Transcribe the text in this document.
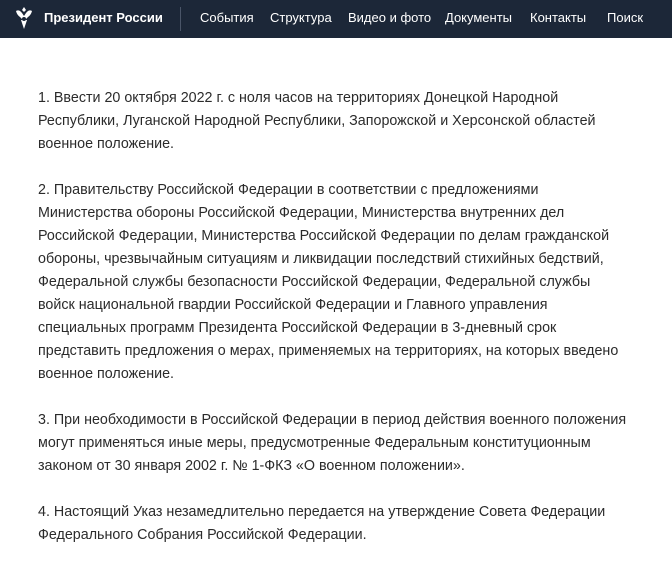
Президент России	События Структура Видео и фото Документы Контакты Поиск

1. Ввести 20 октября 2022 г. с ноля часов на территориях Донецкой Народной
Республики, Луганской Народной Республики, Запорожской и Херсонской областей
военное положение.

2. Правительству Российской Федерации в соответствии с предложениями
Министерства обороны Российской Федерации, Министерства внутренних дел
Российской Федерации, Министерства Российской Федерации по делам гражданской
обороны, чрезвычайным ситуациям и ликвидации последствий стихийных бедствий,
Федеральной службы безопасности Российской Федерации, Федеральной службы
войск национальной гвардии Российской Федерации и Главного управления
специальных программ Президента Российской Федерации в 3-дневный срок
представить предложения о мерах, применяемых на территориях, на которых введено
военное положение.

3. При необходимости в Российской Федерации в период действия военного положения
могут применяться иные меры, предусмотренные Федеральным конституционным
законом от 30 января 2002 г. № 1-ФКЗ «О военном положении».

4. Настоящий Указ незамедлительно передается на утверждение Совета Федерации
Федерального Собрания Российской Федерации.
